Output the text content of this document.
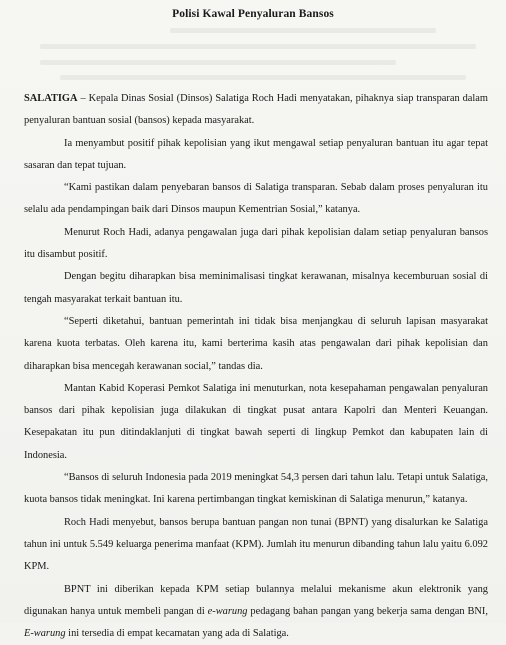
Polisi Kawal Penyaluran Bansos

SALATIGA – Kepala Dinas Sosial (Dinsos) Salatiga Roch Hadi menyatakan, pihaknya siap transparan dalam penyaluran bantuan sosial (bansos) kepada masyarakat.

Ia menyambut positif pihak kepolisian yang ikut mengawal setiap penyaluran bantuan itu agar tepat sasaran dan tepat tujuan.

“Kami pastikan dalam penyebaran bansos di Salatiga transparan. Sebab dalam proses penyaluran itu selalu ada pendampingan baik dari Dinsos maupun Kementrian Sosial,” katanya.

Menurut Roch Hadi, adanya pengawalan juga dari pihak kepolisian dalam setiap penyaluran bansos itu disambut positif.

Dengan begitu diharapkan bisa meminimalisasi tingkat kerawanan, misalnya kecemburuan sosial di tengah masyarakat terkait bantuan itu.

“Seperti diketahui, bantuan pemerintah ini tidak bisa menjangkau di seluruh lapisan masyarakat karena kuota terbatas. Oleh karena itu, kami berterima kasih atas pengawalan dari pihak kepolisian dan diharapkan bisa mencegah kerawanan social,” tandas dia.

Mantan Kabid Koperasi Pemkot Salatiga ini menuturkan, nota kesepahaman pengawalan penyaluran bansos dari pihak kepolisian juga dilakukan di tingkat pusat antara Kapolri dan Menteri Keuangan. Kesepakatan itu pun ditindaklanjuti di tingkat bawah seperti di lingkup Pemkot dan kabupaten lain di Indonesia.

“Bansos di seluruh Indonesia pada 2019 meningkat 54,3 persen dari tahun lalu. Tetapi untuk Salatiga, kuota bansos tidak meningkat. Ini karena pertimbangan tingkat kemiskinan di Salatiga menurun,” katanya.

Roch Hadi menyebut, bansos berupa bantuan pangan non tunai (BPNT) yang disalurkan ke Salatiga tahun ini untuk 5.549 keluarga penerima manfaat (KPM). Jumlah itu menurun dibanding tahun lalu yaitu 6.092 KPM.

BPNT ini diberikan kepada KPM setiap bulannya melalui mekanisme akun elektronik yang digunakan hanya untuk membeli pangan di e-warung pedagang bahan pangan yang bekerja sama dengan BNI, E-warung ini tersedia di empat kecamatan yang ada di Salatiga.
